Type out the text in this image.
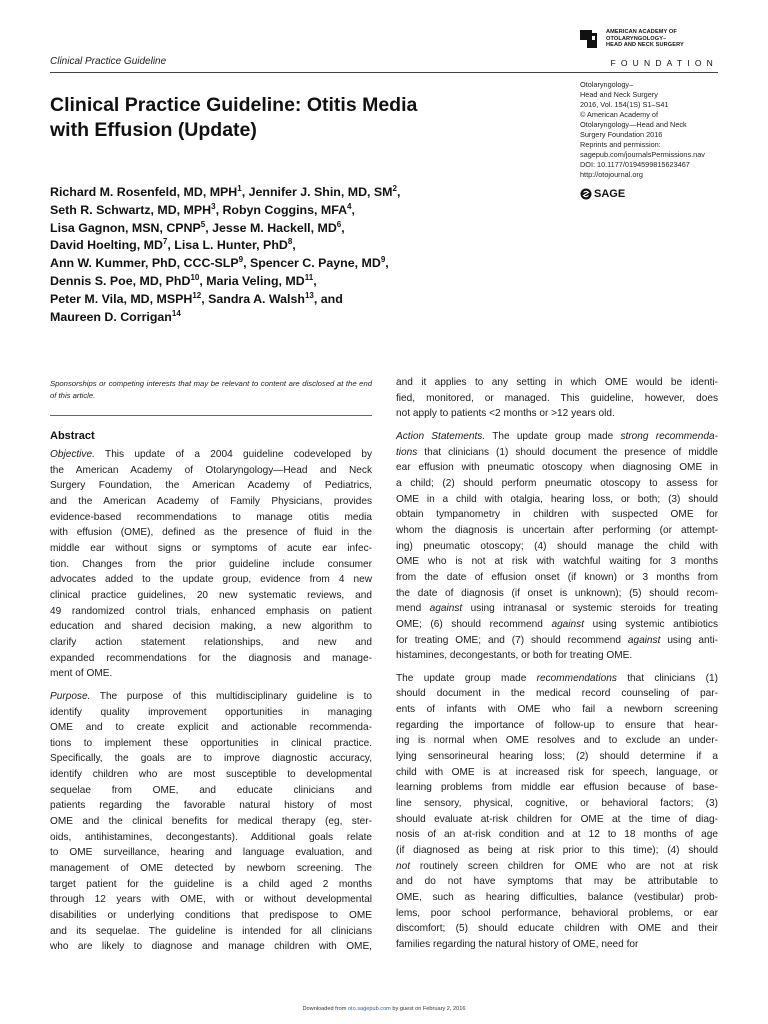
Clinical Practice Guideline
AMERICAN ACADEMY OF
OTOLARYNGOLOGY–
HEAD AND NECK SURGERY
FOUNDATION
Otolaryngology–
Head and Neck Surgery
2016, Vol. 154(1S) S1–S41
© American Academy of
Otolaryngology—Head and Neck
Surgery Foundation 2016
Reprints and permission:
sagepub.com/journalsPermissions.nav
DOI: 10.1177/0194599815623467
http://otojournal.org
SAGE
Clinical Practice Guideline: Otitis Media
with Effusion (Update)
Richard M. Rosenfeld, MD, MPH$^1$, Jennifer J. Shin, MD, $SM^2$,
Seth R. Schwartz, MD, MPH$^3$, Robyn Coggins, MFA$^4$,
Lisa Gagnon, MSN, CPNP$^5$, Jesse M. Hackell, $MD^6$,
David Hoelting, $MD^7$, Lisa L. Hunter, PhD$^8$,
Ann W. Kummer, PhD, CCC-SLP$^9$, Spencer C. Payne, $MD^9$,
Dennis S. Poe, MD, PhD$^{10}$, Maria Veling, MD$^{11}$,
Peter M. Vila, MD, MSPH$^{12}$, Sandra A. Walsh$^{13}$, and
Maureen D. Corrigan$^{14}$
Sponsorships or competing interests that may be relevant to content are disclosed at the end of this article.
Abstract
Objective. This update of a 2004 guideline codeveloped by
the American Academy of Otolaryngology—Head and Neck
Surgery Foundation, the American Academy of Pediatrics,
and the American Academy of Family Physicians, provides
evidence-based recommendations to manage otitis media
with effusion (OME), defined as the presence of fluid in the
middle ear without signs or symptoms of acute ear infec-
tion. Changes from the prior guideline include consumer
advocates added to the update group, evidence from 4 new
clinical practice guidelines, 20 new systematic reviews, and
49 randomized control trials, enhanced emphasis on patient
education and shared decision making, a new algorithm to
clarify action statement relationships, and new and
expanded recommendations for the diagnosis and manage-
ment of OME.
Purpose. The purpose of this multidisciplinary guideline is to
identify quality improvement opportunities in managing
OME and to create explicit and actionable recommenda-
tions to implement these opportunities in clinical practice.
Specifically, the goals are to improve diagnostic accuracy,
identify children who are most susceptible to developmental
sequelae from OME, and educate clinicians and
patients regarding the favorable natural history of most
OME and the clinical benefits for medical therapy (eg, ster-
oids, antihistamines, decongestants). Additional goals relate
to OME surveillance, hearing and language evaluation, and
management of OME detected by newborn screening. The
target patient for the guideline is a child aged 2 months
through 12 years with OME, with or without developmental
disabilities or underlying conditions that predispose to OME
and its sequelae. The guideline is intended for all clinicians
who are likely to diagnose and manage children with OME,
and it applies to any setting in which OME would be identi-
fied, monitored, or managed. This guideline, however, does
not apply to patients <2 months or >12 years old.
Action Statements. The update group made strong recommenda-
tions that clinicians (1) should document the presence of middle
ear effusion with pneumatic otoscopy when diagnosing OME in
a child; (2) should perform pneumatic otoscopy to assess for
OME in a child with otalgia, hearing loss, or both; (3) should
obtain tympanometry in children with suspected OME for
whom the diagnosis is uncertain after performing (or attempt-
ing) pneumatic otoscopy; (4) should manage the child with
OME who is not at risk with watchful waiting for 3 months
from the date of effusion onset (if known) or 3 months from
the date of diagnosis (if onset is unknown); (5) should recom-
mend against using intranasal or systemic steroids for treating
OME; (6) should recommend against using systemic antibiotics
for treating OME; and (7) should recommend against using anti-
histamines, decongestants, or both for treating OME.
The update group made recommendations that clinicians (1)
should document in the medical record counseling of par-
ents of infants with OME who fail a newborn screening
regarding the importance of follow-up to ensure that hear-
ing is normal when OME resolves and to exclude an under-
lying sensorineural hearing loss; (2) should determine if a
child with OME is at increased risk for speech, language, or
learning problems from middle ear effusion because of base-
line sensory, physical, cognitive, or behavioral factors; (3)
should evaluate at-risk children for OME at the time of diag-
nosis of an at-risk condition and at 12 to 18 months of age
(if diagnosed as being at risk prior to this time); (4) should
not routinely screen children for OME who are not at risk
and do not have symptoms that may be attributable to
OME, such as hearing difficulties, balance (vestibular) prob-
lems, poor school performance, behavioral problems, or ear
discomfort; (5) should educate children with OME and their
families regarding the natural history of OME, need for
Downloaded from oto.sagepub.com by guest on February 2, 2016
